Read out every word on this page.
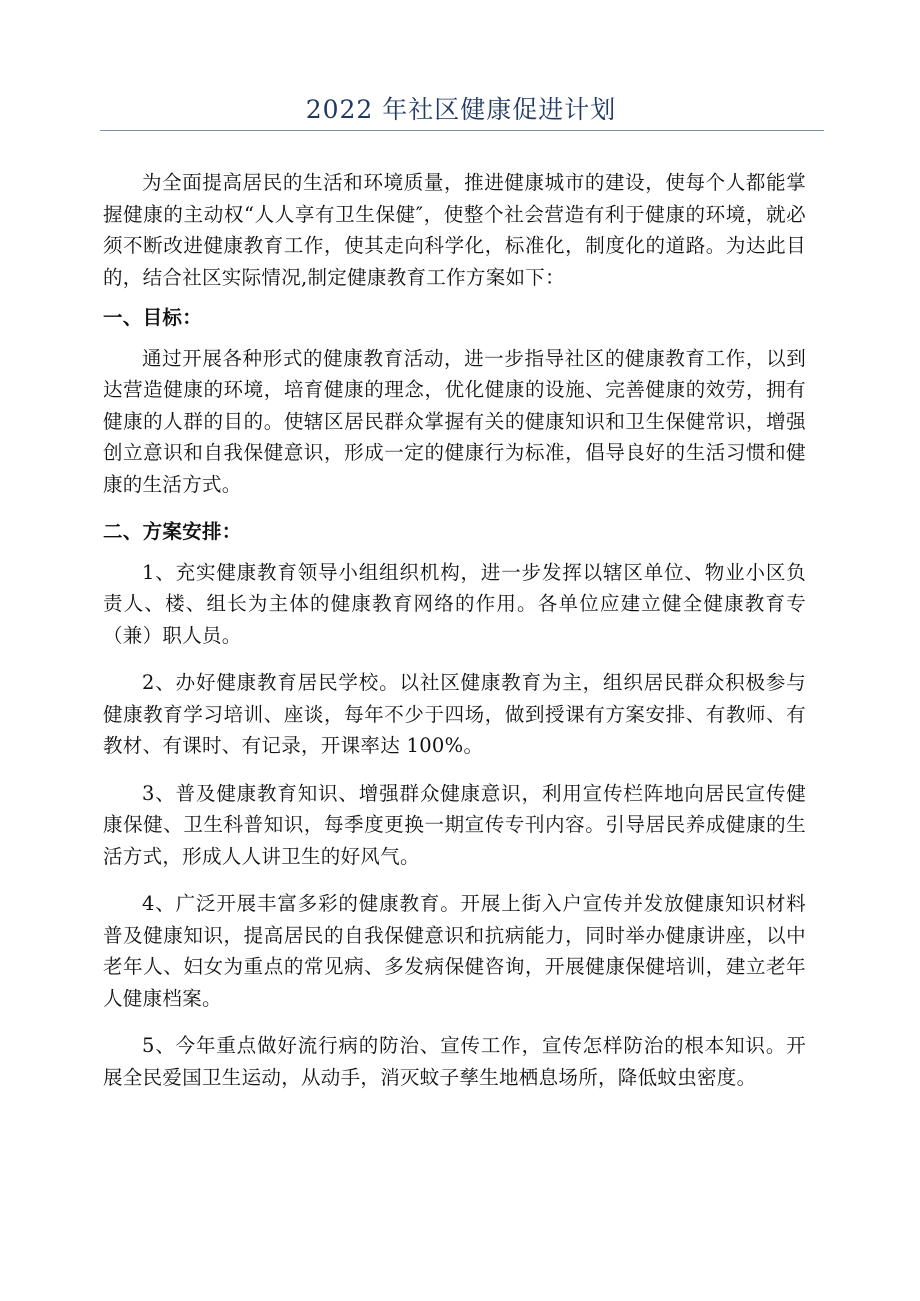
2022 年社区健康促进计划

为全面提高居民的生活和环境质量，推进健康城市的建设，使每个人都能掌握健康的主动权“人人享有卫生保健″，使整个社会营造有利于健康的环境，就必须不断改进健康教育工作，使其走向科学化，标准化，制度化的道路。为达此目的，结合社区实际情况,制定健康教育工作方案如下：

一、目标：

通过开展各种形式的健康教育活动，进一步指导社区的健康教育工作，以到达营造健康的环境，培育健康的理念，优化健康的设施、完善健康的效劳，拥有健康的人群的目的。使辖区居民群众掌握有关的健康知识和卫生保健常识，增强创立意识和自我保健意识，形成一定的健康行为标准，倡导良好的生活习惯和健康的生活方式。

二、方案安排：

1、充实健康教育领导小组组织机构，进一步发挥以辖区单位、物业小区负责人、楼、组长为主体的健康教育网络的作用。各单位应建立健全健康教育专（兼）职人员。

2、办好健康教育居民学校。以社区健康教育为主，组织居民群众积极参与健康教育学习培训、座谈，每年不少于四场，做到授课有方案安排、有教师、有教材、有课时、有记录，开课率达 100%。

3、普及健康教育知识、增强群众健康意识，利用宣传栏阵地向居民宣传健康保健、卫生科普知识，每季度更换一期宣传专刊内容。引导居民养成健康的生活方式，形成人人讲卫生的好风气。

4、广泛开展丰富多彩的健康教育。开展上街入户宣传并发放健康知识材料普及健康知识，提高居民的自我保健意识和抗病能力，同时举办健康讲座，以中老年人、妇女为重点的常见病、多发病保健咨询，开展健康保健培训，建立老年人健康档案。

5、今年重点做好流行病的防治、宣传工作，宣传怎样防治的根本知识。开展全民爱国卫生运动，从动手，消灭蚊子孳生地栖息场所，降低蚊虫密度。
